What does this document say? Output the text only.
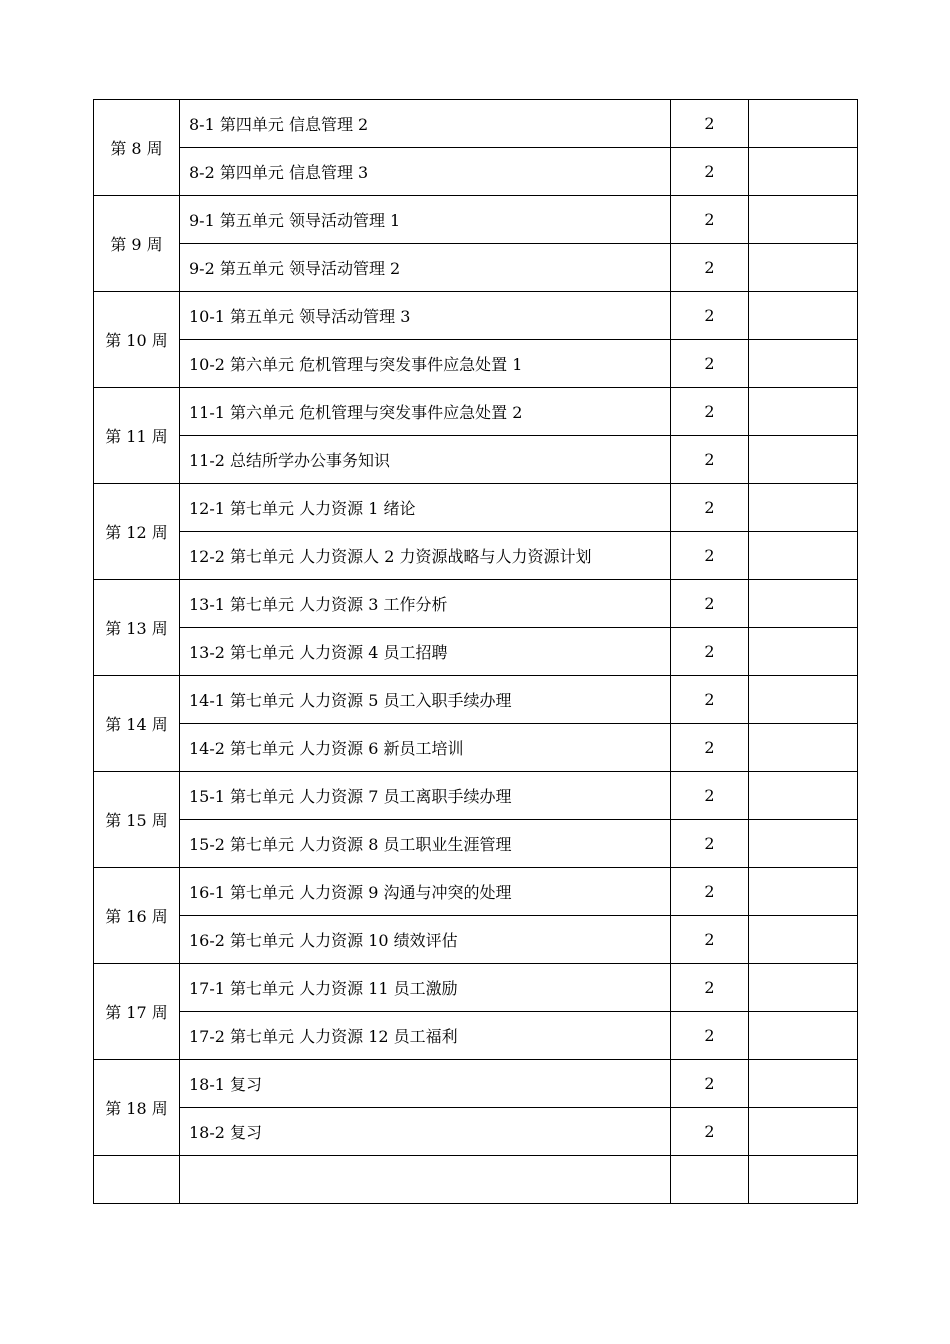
第 8 周	8-1 第四单元 信息管理 2	2	
	8-2 第四单元 信息管理 3	2	
第 9 周	9-1 第五单元 领导活动管理 1	2	
	9-2 第五单元 领导活动管理 2	2	
第 10 周	10-1 第五单元 领导活动管理 3	2	
	10-2 第六单元 危机管理与突发事件应急处置 1	2	
第 11 周	11-1 第六单元 危机管理与突发事件应急处置 2	2	
	11-2 总结所学办公事务知识	2	
第 12 周	12-1 第七单元 人力资源 1 绪论	2	
	12-2 第七单元 人力资源人 2 力资源战略与人力资源计划	2	
第 13 周	13-1 第七单元 人力资源 3 工作分析	2	
	13-2 第七单元 人力资源 4 员工招聘	2	
第 14 周	14-1 第七单元 人力资源 5 员工入职手续办理	2	
	14-2 第七单元 人力资源 6 新员工培训	2	
第 15 周	15-1 第七单元 人力资源 7 员工离职手续办理	2	
	15-2 第七单元 人力资源 8 员工职业生涯管理	2	
第 16 周	16-1 第七单元 人力资源 9 沟通与冲突的处理	2	
	16-2 第七单元 人力资源 10 绩效评估	2	
第 17 周	17-1 第七单元 人力资源 11 员工激励	2	
	17-2 第七单元 人力资源 12 员工福利	2	
第 18 周	18-1 复习	2	
	18-2 复习	2	
